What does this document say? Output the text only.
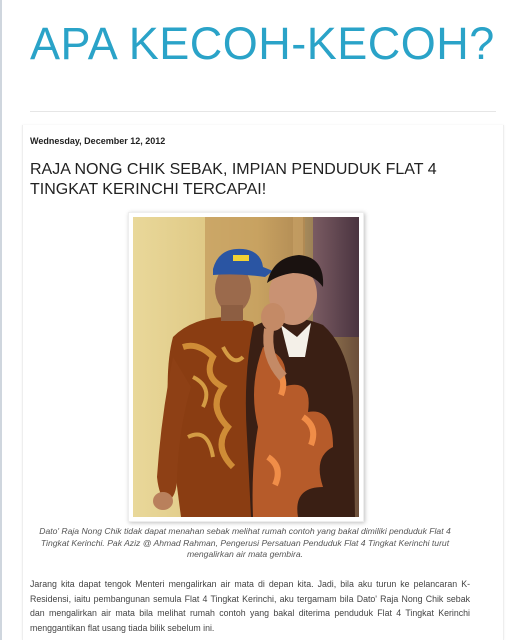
APA KECOH-KECOH?
Wednesday, December 12, 2012
RAJA NONG CHIK SEBAK, IMPIAN PENDUDUK FLAT 4 TINGKAT KERINCHI TERCAPAI!
Dato' Raja Nong Chik tidak dapat menahan sebak melihat rumah contoh yang bakal dimiliki penduduk Flat 4 Tingkat Kerinchi. Pak Aziz @ Ahmad Rahman, Pengerusi Persatuan Penduduk Flat 4 Tingkat Kerinchi turut mengalirkan air mata gembira.
Jarang kita dapat tengok Menteri mengalirkan air mata di depan kita. Jadi, bila aku turun ke pelancaran K-Residensi, iaitu pembangunan semula Flat 4 Tingkat Kerinchi, aku tergamam bila Dato' Raja Nong Chik sebak dan mengalirkan air mata bila melihat rumah contoh yang bakal diterima penduduk Flat 4 Tingkat Kerinchi menggantikan flat usang tiada bilik sebelum ini.
